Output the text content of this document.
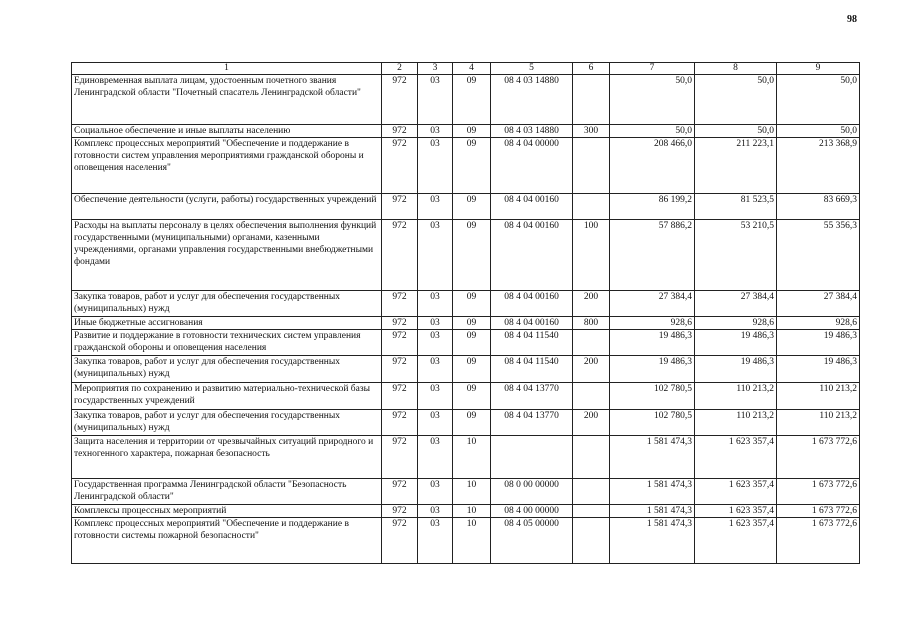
98
1	2	3	4	5	6	7	8	9
Единовременная выплата лицам, удостоенным почетного звания Ленинградской области "Почетный спасатель Ленинградской области"	972	03	09	08 4 03 14880		50,0	50,0	50,0
Социальное обеспечение и иные выплаты населению	972	03	09	08 4 03 14880	300	50,0	50,0	50,0
Комплекс процессных мероприятий "Обеспечение и поддержание в готовности систем управления мероприятиями гражданской обороны и оповещения населения"	972	03	09	08 4 04 00000		208 466,0	211 223,1	213 368,9
Обеспечение деятельности (услуги, работы) государственных учреждений	972	03	09	08 4 04 00160		86 199,2	81 523,5	83 669,3
Расходы на выплаты персоналу в целях обеспечения выполнения функций государственными (муниципальными) органами, казенными учреждениями, органами управления государственными внебюджетными фондами	972	03	09	08 4 04 00160	100	57 886,2	53 210,5	55 356,3
Закупка товаров, работ и услуг для обеспечения государственных (муниципальных) нужд	972	03	09	08 4 04 00160	200	27 384,4	27 384,4	27 384,4
Иные бюджетные ассигнования	972	03	09	08 4 04 00160	800	928,6	928,6	928,6
Развитие и поддержание в готовности технических систем управления гражданской обороны и оповещения населения	972	03	09	08 4 04 11540		19 486,3	19 486,3	19 486,3
Закупка товаров, работ и услуг для обеспечения государственных (муниципальных) нужд	972	03	09	08 4 04 11540	200	19 486,3	19 486,3	19 486,3
Мероприятия по сохранению и развитию материально-технической базы государственных учреждений	972	03	09	08 4 04 13770		102 780,5	110 213,2	110 213,2
Закупка товаров, работ и услуг для обеспечения государственных (муниципальных) нужд	972	03	09	08 4 04 13770	200	102 780,5	110 213,2	110 213,2
Защита населения и территории от чрезвычайных ситуаций природного и техногенного характера, пожарная безопасность	972	03	10			1 581 474,3	1 623 357,4	1 673 772,6
Государственная программа Ленинградской области "Безопасность Ленинградской области"	972	03	10	08 0 00 00000		1 581 474,3	1 623 357,4	1 673 772,6
Комплексы процессных мероприятий	972	03	10	08 4 00 00000		1 581 474,3	1 623 357,4	1 673 772,6
Комплекс процессных мероприятий "Обеспечение и поддержание в готовности системы пожарной безопасности"	972	03	10	08 4 05 00000		1 581 474,3	1 623 357,4	1 673 772,6
